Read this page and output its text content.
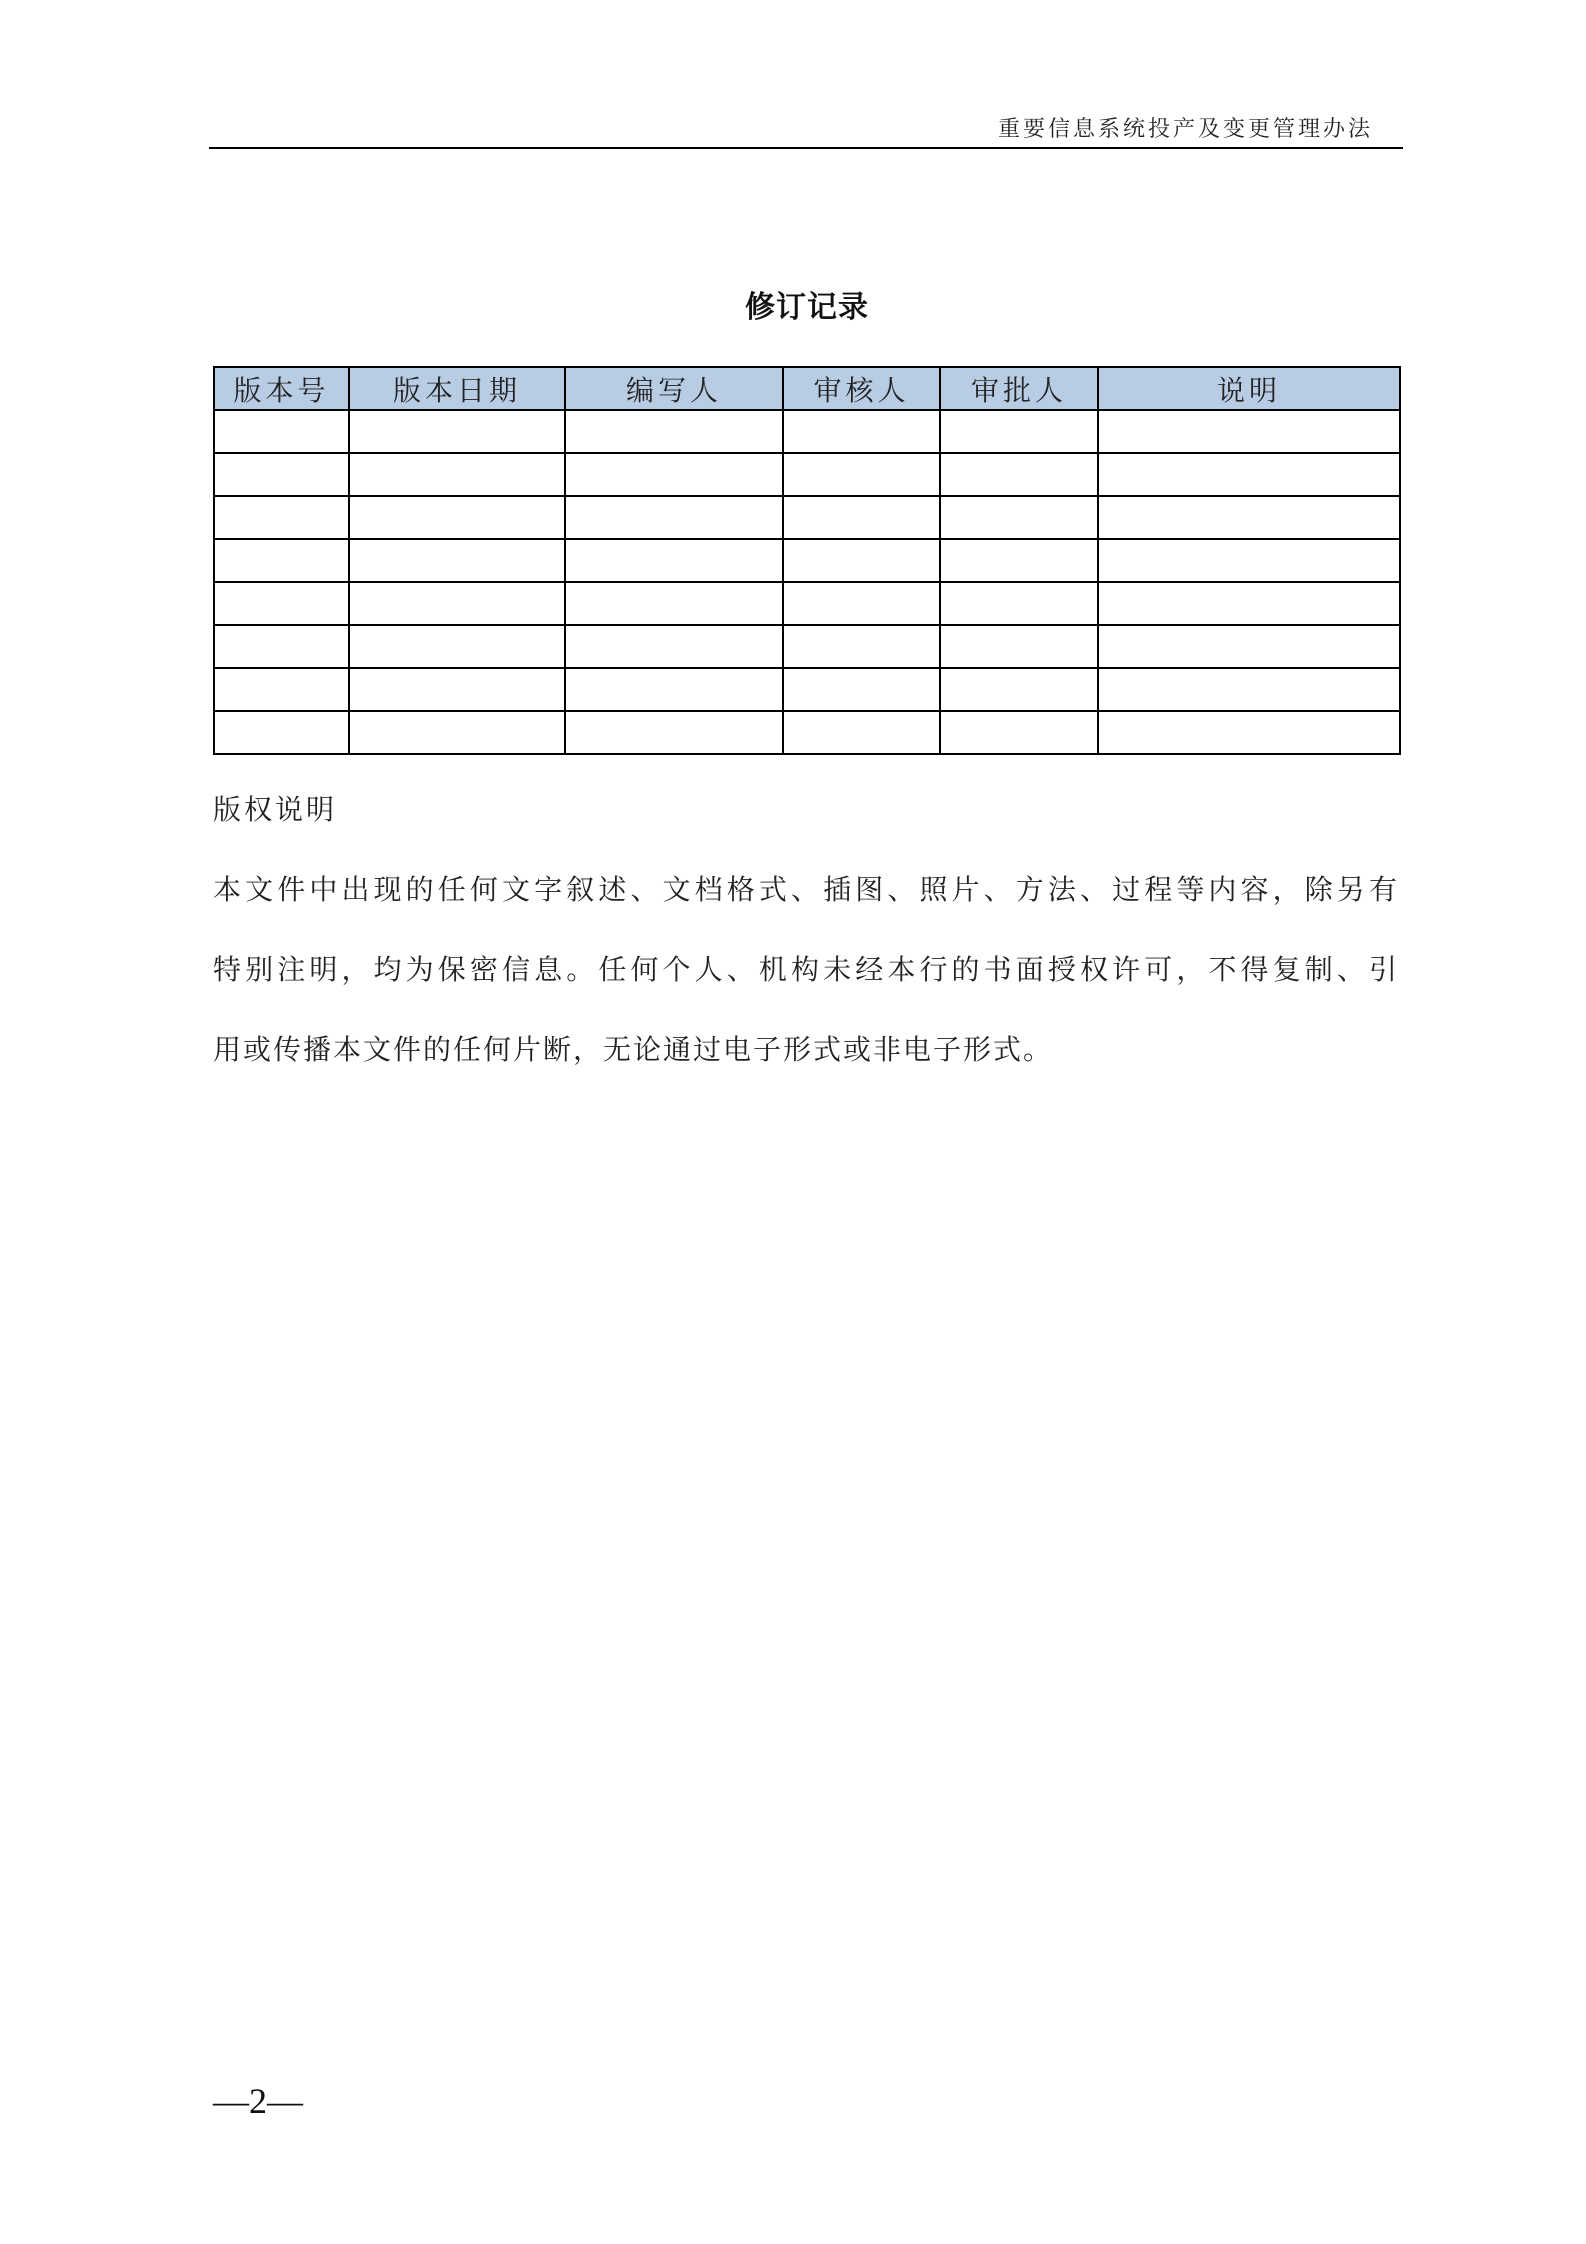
重要信息系统投产及变更管理办法
修订记录
版本号	版本日期	编写人	审核人	审批人	说明

版权说明
本文件中出现的任何文字叙述、文档格式、插图、照片、方法、过程等内容，除另有
特别注明，均为保密信息。任何个人、机构未经本行的书面授权许可，不得复制、引
用或传播本文件的任何片断，无论通过电子形式或非电子形式。
—2—
